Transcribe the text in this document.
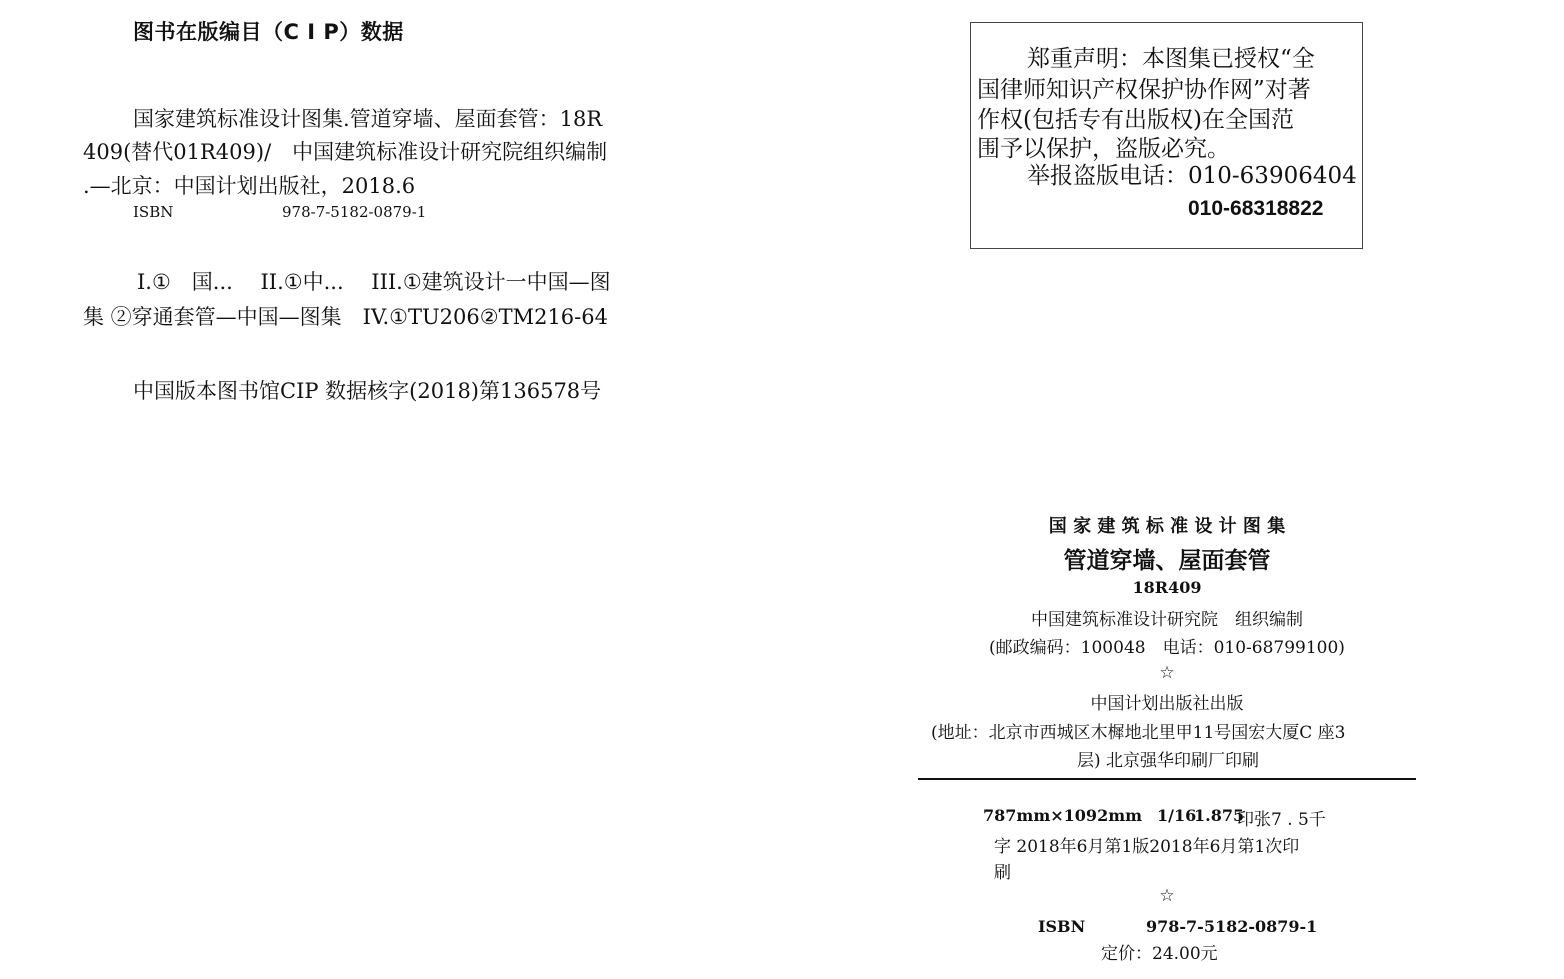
图书在版编目（C I P）数据
国家建筑标准设计图集.管道穿墙、屋面套管：18R
409(替代01R409)/　中国建筑标准设计研究院组织编制
.—北京：中国计划出版社，2018.6
ISBN	978-7-5182-0879-1
I.①　国...　 II.①中...　 III.①建筑设计一中国—图
集 ②穿通套管—中国—图集　IV.①TU206②TM216-64
中国版本图书馆CIP 数据核字(2018)第136578号
郑重声明：本图集已授权“全
国律师知识产权保护协作网”对著
作权(包括专有出版权)在全国范
围予以保护，盗版必究。
举报盗版电话：010-63906404
010-68318822
国 家 建 筑 标 准 设 计 图 集
管道穿墙、屋面套管
18R409
中国建筑标准设计研究院　组织编制
(邮政编码：100048　电话：010-68799100)
☆
中国计划出版社出版
(地址：北京市西城区木樨地北里甲11号国宏大厦C 座3
层) 北京强华印刷厂印刷
787mm×1092mm 1/16
1.875
印张7 . 5千
字 2018年6月第1版2018年6月第1次印
刷
☆
ISBN	978-7-5182-0879-1
定价：24.00元
